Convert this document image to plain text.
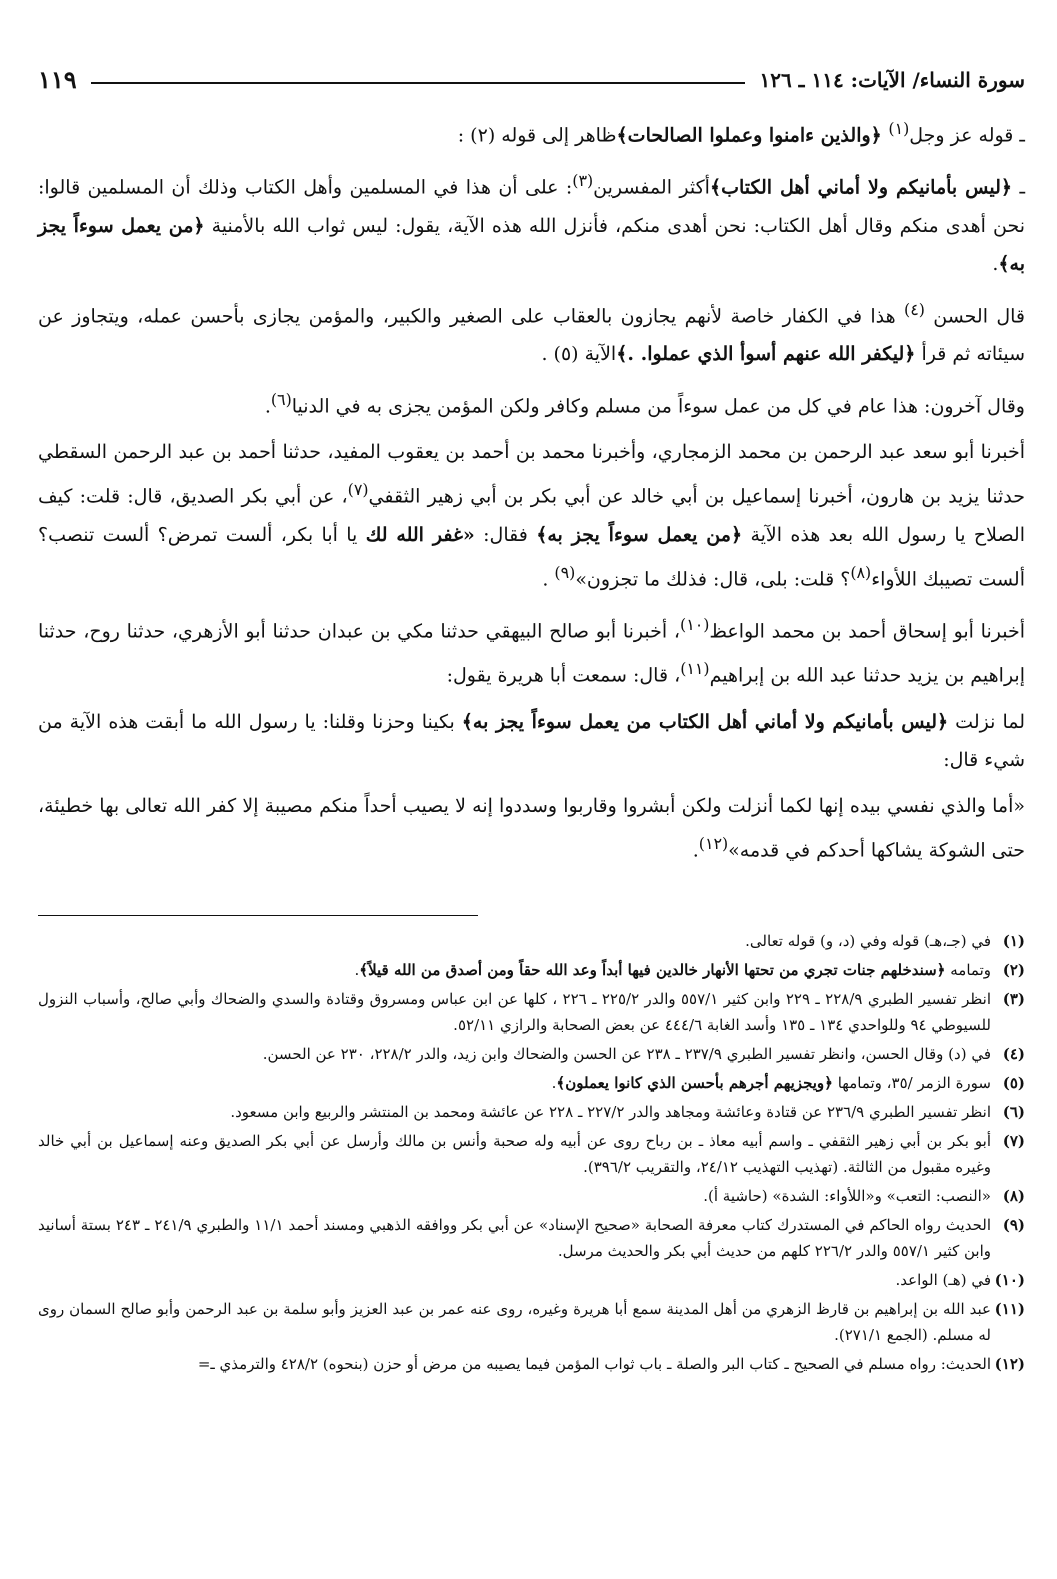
سورة النساء/ الآيات: ١١٤ ـ ١٢٦
١١٩

ـ قوله عز وجل$^{(١)}$ ﴿والذين ءامنوا وعملوا الصالحات﴾ظاهر إلى قوله (٢) :

ـ ﴿ليس بأمانيكم ولا أماني أهل الكتاب﴾أكثر المفسرين$^{(٣)}$: على أن هذا في المسلمين وأهل الكتاب وذلك أن المسلمين قالوا: نحن أهدى منكم وقال أهل الكتاب: نحن أهدى منكم، فأنزل الله هذه الآية، يقول: ليس ثواب الله بالأمنية ﴿من يعمل سوءاً يجز به﴾.

قال الحسن $^{(٤)}$ هذا في الكفار خاصة لأنهم يجازون بالعقاب على الصغير والكبير، والمؤمن يجازى بأحسن عمله، ويتجاوز عن سيئاته ثم قرأ ﴿ليكفر الله عنهم أسوأ الذي عملوا. .﴾الآية (٥) .

وقال آخرون: هذا عام في كل من عمل سوءاً من مسلم وكافر ولكن المؤمن يجزى به في الدنيا$^{(٦)}$.

أخبرنا أبو سعد عبد الرحمن بن محمد الزمجاري، وأخبرنا محمد بن أحمد بن يعقوب المفيد، حدثنا أحمد بن عبد الرحمن السقطي حدثنا يزيد بن هارون، أخبرنا إسماعيل بن أبي خالد عن أبي بكر بن أبي زهير الثقفي$^{(٧)}$، عن أبي بكر الصديق، قال: قلت: كيف الصلاح يا رسول الله بعد هذه الآية ﴿من يعمل سوءاً يجز به﴾ فقال: «غفر الله لك يا أبا بكر، ألست تمرض؟ ألست تنصب؟ ألست تصيبك اللأواء$^{(٨)}$؟ قلت: بلى، قال: فذلك ما تجزون»$^{(٩)}$ .

أخبرنا أبو إسحاق أحمد بن محمد الواعظ$^{(١٠)}$، أخبرنا أبو صالح البيهقي حدثنا مكي بن عبدان حدثنا أبو الأزهري، حدثنا روح، حدثنا إبراهيم بن يزيد حدثنا عبد الله بن إبراهيم$^{(١١)}$، قال: سمعت أبا هريرة يقول:

لما نزلت ﴿ليس بأمانيكم ولا أماني أهل الكتاب من يعمل سوءاً يجز به﴾ بكينا وحزنا وقلنا: يا رسول الله ما أبقت هذه الآية من شيء قال:

«أما والذي نفسي بيده إنها لكما أنزلت ولكن أبشروا وقاربوا وسددوا إنه لا يصيب أحداً منكم مصيبة إلا كفر الله تعالى بها خطيئة، حتى الشوكة يشاكها أحدكم في قدمه»$^{(١٢)}$.

(١)في (جـ،هـ) قوله وفي (د، و) قوله تعالى.

(٢)وتمامه ﴿سندخلهم جنات تجري من تحتها الأنهار خالدين فيها أبداً وعد الله حقاً ومن أصدق من الله قيلاً﴾.

(٣)انظر تفسير الطبري ٢٢٨/٩ ـ ٢٢٩ وابن كثير ٥٥٧/١ والدر ٢٢٥/٢ ـ ٢٢٦ ، كلها عن ابن عباس ومسروق وقتادة والسدي والضحاك وأبي صالح، وأسباب النزول للسيوطي ٩٤ وللواحدي ١٣٤ ـ ١٣٥ وأسد الغابة ٤٤٤/٦ عن بعض الصحابة والرازي ٥٢/١١.

(٤)في (د) وقال الحسن، وانظر تفسير الطبري ٢٣٧/٩ ـ ٢٣٨ عن الحسن والضحاك وابن زيد، والدر ٢٢٨/٢، ٢٣٠ عن الحسن.

(٥)سورة الزمر /٣٥، وتمامها ﴿ويجزيهم أجرهم بأحسن الذي كانوا يعملون﴾.

(٦)انظر تفسير الطبري ٢٣٦/٩ عن قتادة وعائشة ومجاهد والدر ٢٢٧/٢ ـ ٢٢٨ عن عائشة ومحمد بن المنتشر والربيع وابن مسعود.

(٧)أبو بكر بن أبي زهير الثقفي ـ واسم أبيه معاذ ـ بن رباح روى عن أبيه وله صحبة وأنس بن مالك وأرسل عن أبي بكر الصديق وعنه إسماعيل بن أبي خالد وغيره مقبول من الثالثة. (تهذيب التهذيب ٢٤/١٢، والتقريب ٣٩٦/٢).

(٨)«النصب: التعب» و«اللأواء: الشدة» (حاشية أ).

(٩)الحديث رواه الحاكم في المستدرك كتاب معرفة الصحابة «صحيح الإسناد» عن أبي بكر ووافقه الذهبي ومسند أحمد ١١/١ والطبري ٢٤١/٩ ـ ٢٤٣ بستة أسانيد وابن كثير ٥٥٧/١ والدر ٢٢٦/٢ كلهم من حديث أبي بكر والحديث مرسل.

(١٠)في (هـ) الواعد.

(١١)عبد الله بن إبراهيم بن قارظ الزهري من أهل المدينة سمع أبا هريرة وغيره، روى عنه عمر بن عبد العزيز وأبو سلمة بن عبد الرحمن وأبو صالح السمان روى له مسلم. (الجمع ٢٧١/١).

(١٢)الحديث: رواه مسلم في الصحيح ـ كتاب البر والصلة ـ باب ثواب المؤمن فيما يصيبه من مرض أو حزن (بنحوه) ٤٢٨/٢ والترمذي ـ=
